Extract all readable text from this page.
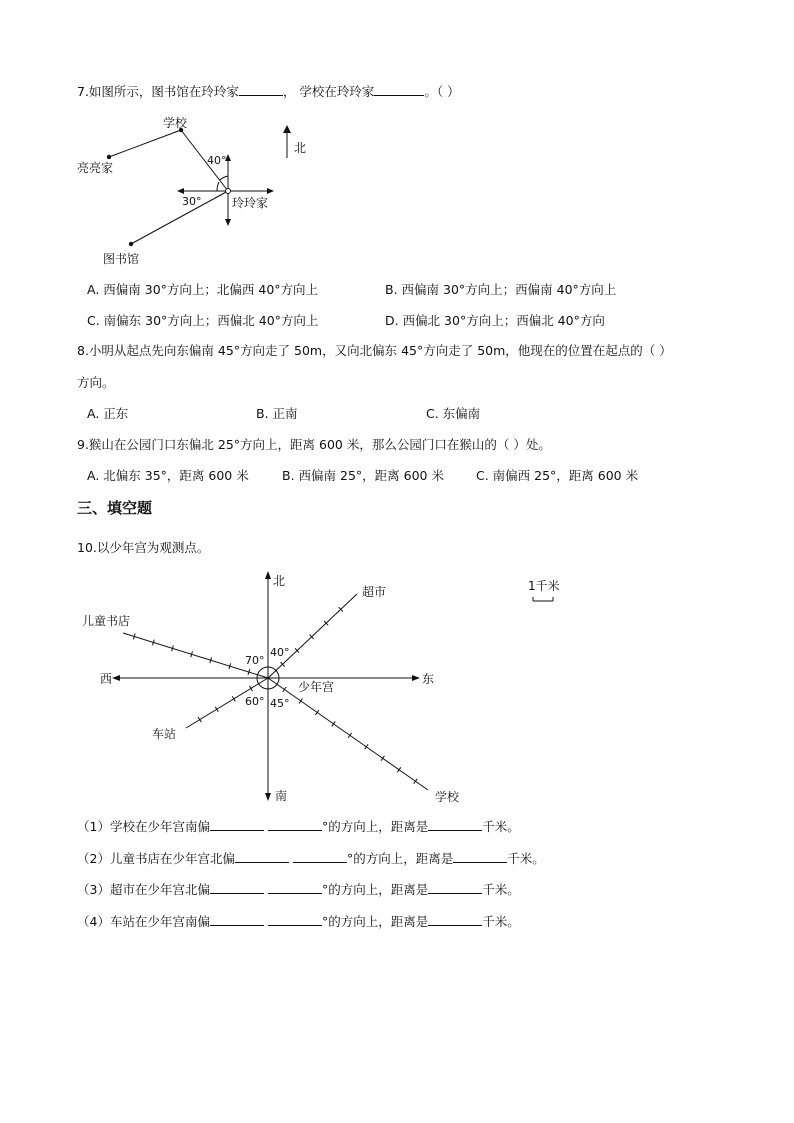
7.如图所示，图书馆在玲玲家	， 学校在玲玲家	。（ ）
学校
亮亮家
图书馆
玲玲家
北
40°
30°
A. 西偏南 30°方向上；北偏西 40°方向上	B. 西偏南 30°方向上；西偏南 40°方向上
C. 南偏东 30°方向上；西偏北 40°方向上	D. 西偏北 30°方向上；西偏北 40°方向
8.小明从起点先向东偏南 45°方向走了 50m，又向北偏东 45°方向走了 50m，他现在的位置在起点的（ ）
方向。
A. 正东	B. 正南	C. 东偏南
9.猴山在公园门口东偏北 25°方向上，距离 600 米，那么公园门口在猴山的（ ）处。
A. 北偏东 35°，距离 600 米	B. 西偏南 25°，距离 600 米	C. 南偏西 25°，距离 600 米
三、填空题
10.以少年宫为观测点。
北
南
西	东
少年宫
超市
儿童书店
车站
学校
1千米
70°
40°
60° 45°
（1）学校在少年宫南偏	°的方向上，距离是	千米。
（2）儿童书店在少年宫北偏	°的方向上，距离是	千米。
（3）超市在少年宫北偏	°的方向上，距离是	千米。
（4）车站在少年宫南偏	°的方向上，距离是	千米。
